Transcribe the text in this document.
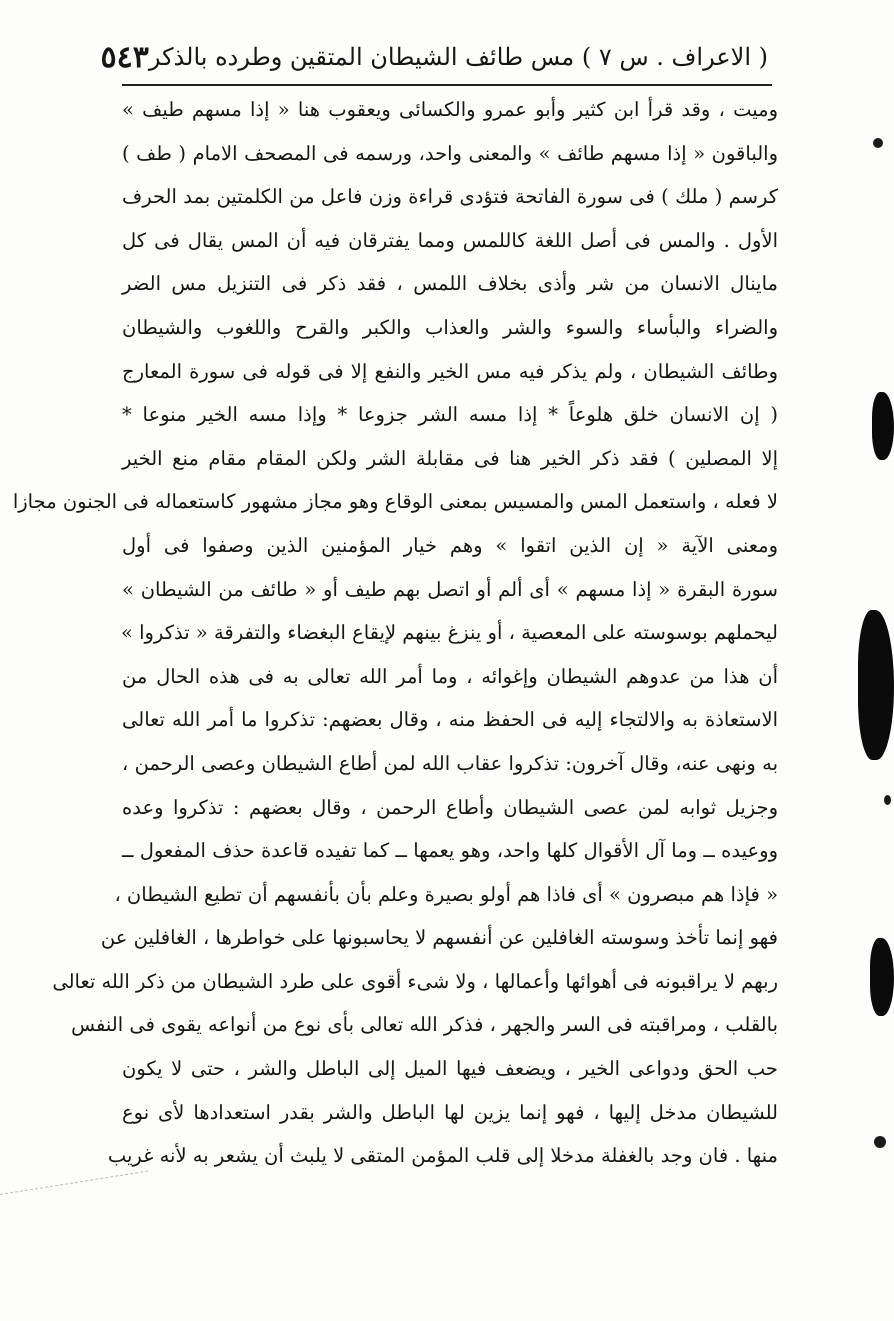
( الاعراف . س ٧ ) مس طائف الشيطان المتقين وطرده بالذكر
٥٤٣
وميت ، وقد قرأ ابن كثير وأبو عمرو والكسائى ويعقوب هنا « إذا مسهم طيف »
والباقون « إذا مسهم طائف » والمعنى واحد، ورسمه فى المصحف الامام ( طف )
كرسم ( ملك ) فى سورة الفاتحة فتؤدى قراءة وزن فاعل من الكلمتين بمد الحرف
الأول . والمس فى أصل اللغة كاللمس ومما يفترقان فيه أن المس يقال فى كل
ماينال الانسان من شر وأذى بخلاف اللمس ، فقد ذكر فى التنزيل مس الضر
والضراء والبأساء والسوء والشر والعذاب والكبر والقرح واللغوب والشيطان
وطائف الشيطان ، ولم يذكر فيه مس الخير والنفع إلا فى قوله فى سورة المعارج
( إن الانسان خلق هلوعاً * إذا مسه الشر جزوعا * وإذا مسه الخير منوعا *
إلا المصلين ) فقد ذكر الخير هنا فى مقابلة الشر ولكن المقام مقام منع الخير
لا فعله ، واستعمل المس والمسيس بمعنى الوقاع وهو مجاز مشهور كاستعماله فى الجنون مجازا
ومعنى الآية « إن الذين اتقوا » وهم خيار المؤمنين الذين وصفوا فى أول
سورة البقرة « إذا مسهم » أى ألم أو اتصل بهم طيف أو « طائف من الشيطان »
ليحملهم بوسوسته على المعصية ، أو ينزغ بينهم لإيقاع البغضاء والتفرقة « تذكروا »
أن هذا من عدوهم الشيطان وإغوائه ، وما أمر الله تعالى به فى هذه الحال من
الاستعاذة به والالتجاء إليه فى الحفظ منه ، وقال بعضهم: تذكروا ما أمر الله تعالى
به ونهى عنه، وقال آخرون: تذكروا عقاب الله لمن أطاع الشيطان وعصى الرحمن ،
وجزيل ثوابه لمن عصى الشيطان وأطاع الرحمن ، وقال بعضهم : تذكروا وعده
ووعيده ــ وما آل الأقوال كلها واحد، وهو يعمها ــ كما تفيده قاعدة حذف المفعول ــ
« فإذا هم مبصرون » أى فاذا هم أولو بصيرة وعلم بأن بأنفسهم أن تطيع الشيطان ،
فهو إنما تأخذ وسوسته الغافلين عن أنفسهم لا يحاسبونها على خواطرها ، الغافلين عن
ربهم لا يراقبونه فى أهوائها وأعمالها ، ولا شىء أقوى على طرد الشيطان من ذكر الله تعالى
بالقلب ، ومراقبته فى السر والجهر ، فذكر الله تعالى بأى نوع من أنواعه يقوى فى النفس
حب الحق ودواعى الخير ، ويضعف فيها الميل إلى الباطل والشر ، حتى لا يكون
للشيطان مدخل إليها ، فهو إنما يزين لها الباطل والشر بقدر استعدادها لأى نوع
منها . فان وجد بالغفلة مدخلا إلى قلب المؤمن المتقى لا يلبث أن يشعر به لأنه غريب
